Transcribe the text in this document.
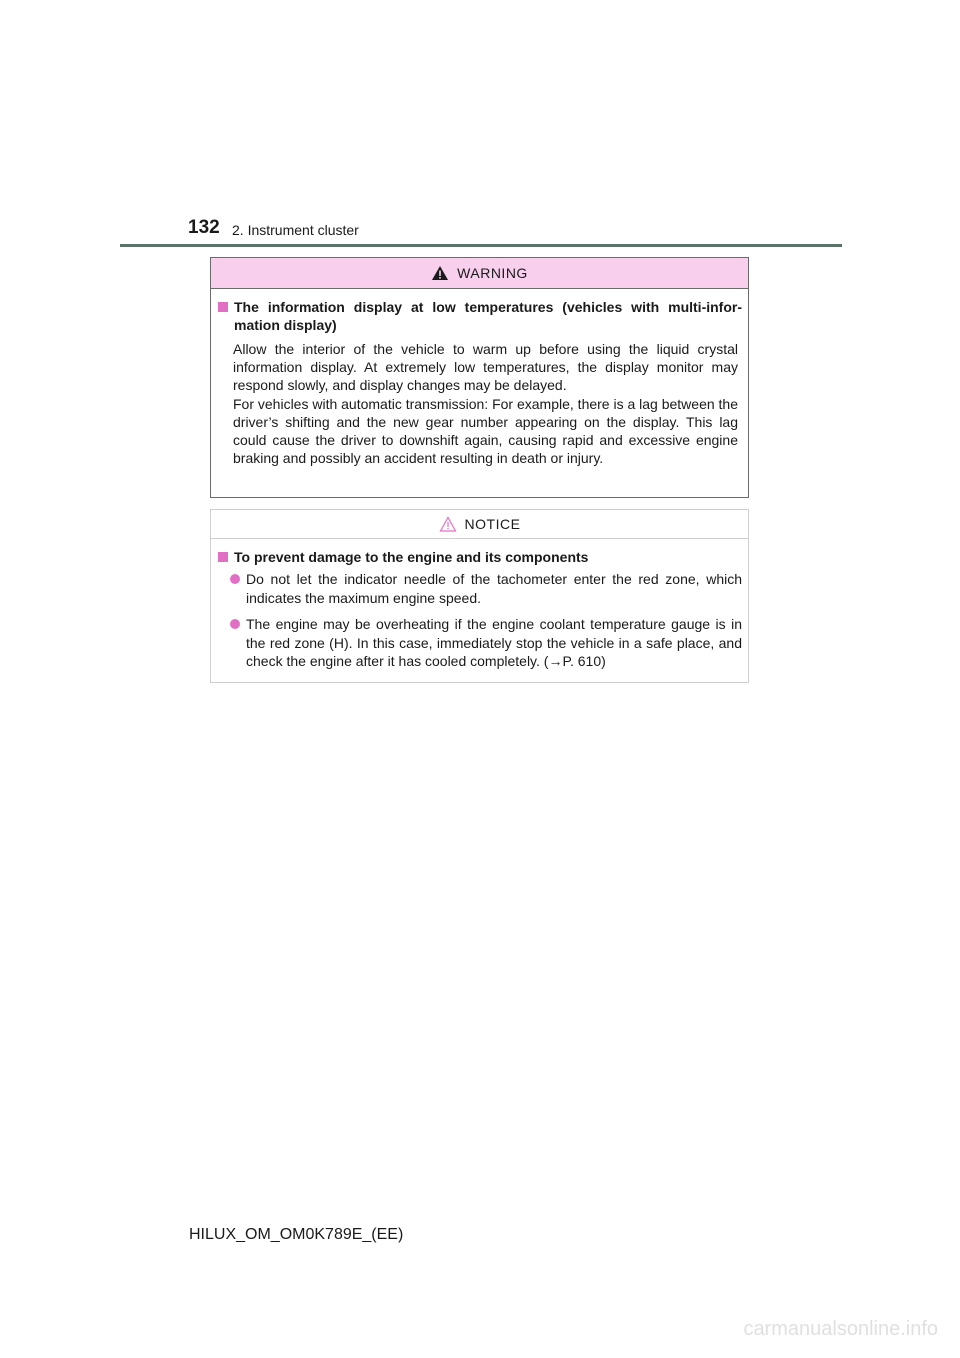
132 2. Instrument cluster
WARNING
The information display at low temperatures (vehicles with multi-infor-mation display)
Allow the interior of the vehicle to warm up before using the liquid crystal information display. At extremely low temperatures, the display monitor may respond slowly, and display changes may be delayed.
For vehicles with automatic transmission: For example, there is a lag between the driver’s shifting and the new gear number appearing on the display. This lag could cause the driver to downshift again, causing rapid and excessive engine braking and possibly an accident resulting in death or injury.
NOTICE
To prevent damage to the engine and its components
Do not let the indicator needle of the tachometer enter the red zone, which indicates the maximum engine speed.
The engine may be overheating if the engine coolant temperature gauge is in the red zone (H). In this case, immediately stop the vehicle in a safe place, and check the engine after it has cooled completely. (→P. 610)
HILUX_OM_OM0K789E_(EE)
carmanualsonline.info
